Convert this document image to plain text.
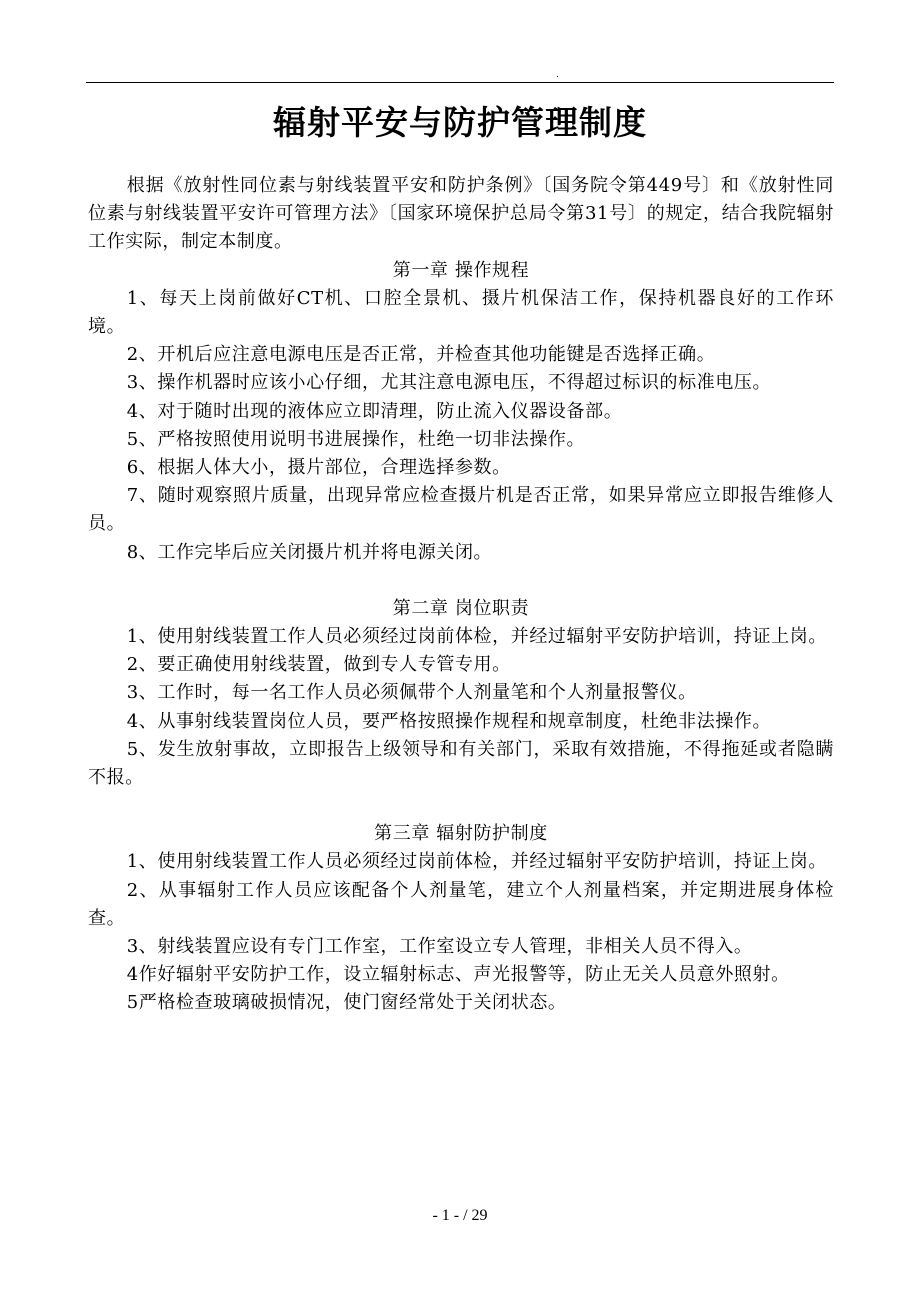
.
辐射平安与防护管理制度

根据《放射性同位素与射线装置平安和防护条例》〔国务院令第449号〕和《放射性同位素与射线装置平安许可管理方法》〔国家环境保护总局令第31号〕的规定，结合我院辐射工作实际，制定本制度。

第一章 操作规程

1、每天上岗前做好CT机、口腔全景机、摄片机保洁工作，保持机器良好的工作环境。

2、开机后应注意电源电压是否正常，并检查其他功能键是否选择正确。

3、操作机器时应该小心仔细，尤其注意电源电压，不得超过标识的标准电压。

4、对于随时出现的液体应立即清理，防止流入仪器设备部。

5、严格按照使用说明书进展操作，杜绝一切非法操作。

6、根据人体大小，摄片部位，合理选择参数。

7、随时观察照片质量，出现异常应检查摄片机是否正常，如果异常应立即报告维修人员。

8、工作完毕后应关闭摄片机并将电源关闭。

第二章 岗位职责

1、使用射线装置工作人员必须经过岗前体检，并经过辐射平安防护培训，持证上岗。

2、要正确使用射线装置，做到专人专管专用。

3、工作时，每一名工作人员必须佩带个人剂量笔和个人剂量报警仪。

4、从事射线装置岗位人员，要严格按照操作规程和规章制度，杜绝非法操作。

5、发生放射事故，立即报告上级领导和有关部门，采取有效措施，不得拖延或者隐瞒不报。

第三章 辐射防护制度

1、使用射线装置工作人员必须经过岗前体检，并经过辐射平安防护培训，持证上岗。

2、从事辐射工作人员应该配备个人剂量笔，建立个人剂量档案，并定期进展身体检查。

3、射线装置应设有专门工作室，工作室设立专人管理，非相关人员不得入。

4作好辐射平安防护工作，设立辐射标志、声光报警等，防止无关人员意外照射。

5严格检查玻璃破损情况，使门窗经常处于关闭状态。

- 1 - / 29
